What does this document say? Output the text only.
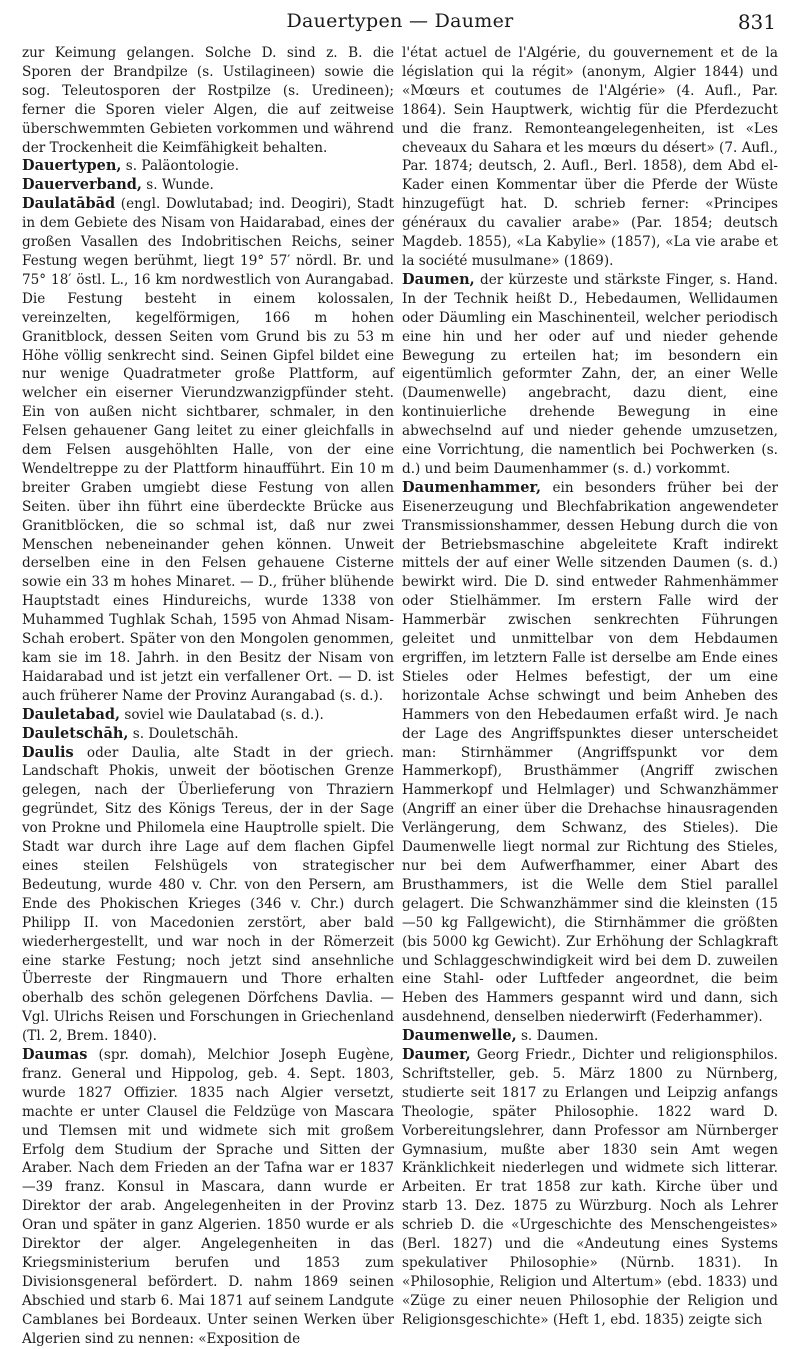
Dauertypen — Daumer	831

zur Keimung gelangen. Solche D. sind z. B. die Sporen der Brandpilze (s. Ustilagineen) sowie die sog. Teleutosporen der Rostpilze (s. Uredineen); ferner die Sporen vieler Algen, die auf zeitweise überschwemmten Gebieten vorkommen und während der Trockenheit die Keimfähigkeit behalten.

Dauertypen, s. Paläontologie.

Dauerverband, s. Wunde.

Daulatābād (engl. Dowlutabad; ind. Deogiri), Stadt in dem Gebiete des Nisam von Haidarabad, eines der großen Vasallen des Indobritischen Reichs, seiner Festung wegen berühmt, liegt 19° 57′ nördl. Br. und 75° 18′ östl. L., 16 km nordwestlich von Aurangabad. Die Festung besteht in einem kolossalen, vereinzelten, kegelförmigen, 166 m hohen Granitblock, dessen Seiten vom Grund bis zu 53 m Höhe völlig senkrecht sind. Seinen Gipfel bildet eine nur wenige Quadratmeter große Plattform, auf welcher ein eiserner Vierundzwanzigpfünder steht. Ein von außen nicht sichtbarer, schmaler, in den Felsen gehauener Gang leitet zu einer gleichfalls in dem Felsen ausgehöhlten Halle, von der eine Wendeltreppe zu der Plattform hinaufführt. Ein 10 m breiter Graben umgiebt diese Festung von allen Seiten. über ihn führt eine überdeckte Brücke aus Granitblöcken, die so schmal ist, daß nur zwei Menschen nebeneinander gehen können. Unweit derselben eine in den Felsen gehauene Cisterne sowie ein 33 m hohes Minaret. — D., früher blühende Hauptstadt eines Hindureichs, wurde 1338 von Muhammed Tughlak Schah, 1595 von Ahmad Nisam-Schah erobert. Später von den Mongolen genommen, kam sie im 18. Jahrh. in den Besitz der Nisam von Haidarabad und ist jetzt ein verfallener Ort. — D. ist auch früherer Name der Provinz Aurangabad (s. d.).

Dauletabad, soviel wie Daulatabad (s. d.).

Dauletschāh, s. Douletschāh.

Daulis oder Daulia, alte Stadt in der griech. Landschaft Phokis, unweit der böotischen Grenze gelegen, nach der Überlieferung von Thraziern gegründet, Sitz des Königs Tereus, der in der Sage von Prokne und Philomela eine Hauptrolle spielt. Die Stadt war durch ihre Lage auf dem flachen Gipfel eines steilen Felshügels von strategischer Bedeutung, wurde 480 v. Chr. von den Persern, am Ende des Phokischen Krieges (346 v. Chr.) durch Philipp II. von Macedonien zerstört, aber bald wiederhergestellt, und war noch in der Römerzeit eine starke Festung; noch jetzt sind ansehnliche Überreste der Ringmauern und Thore erhalten oberhalb des schön gelegenen Dörfchens Davlia. — Vgl. Ulrichs Reisen und Forschungen in Griechenland (Tl. 2, Brem. 1840).

Daumas (spr. domah), Melchior Joseph Eugène, franz. General und Hippolog, geb. 4. Sept. 1803, wurde 1827 Offizier. 1835 nach Algier versetzt, machte er unter Clausel die Feldzüge von Mascara und Tlemsen mit und widmete sich mit großem Erfolg dem Studium der Sprache und Sitten der Araber. Nach dem Frieden an der Tafna war er 1837—39 franz. Konsul in Mascara, dann wurde er Direktor der arab. Angelegenheiten in der Provinz Oran und später in ganz Algerien. 1850 wurde er als Direktor der alger. Angelegenheiten in das Kriegsministerium berufen und 1853 zum Divisionsgeneral befördert. D. nahm 1869 seinen Abschied und starb 6. Mai 1871 auf seinem Landgute Camblanes bei Bordeaux. Unter seinen Werken über Algerien sind zu nennen: «Exposition de

l'état actuel de l'Algérie, du gouvernement et de la législation qui la régit» (anonym, Algier 1844) und «Mœurs et coutumes de l'Algérie» (4. Aufl., Par. 1864). Sein Hauptwerk, wichtig für die Pferdezucht und die franz. Remonteangelegenheiten, ist «Les cheveaux du Sahara et les mœurs du désert» (7. Aufl., Par. 1874; deutsch, 2. Aufl., Berl. 1858), dem Abd el-Kader einen Kommentar über die Pferde der Wüste hinzugefügt hat. D. schrieb ferner: «Principes généraux du cavalier arabe» (Par. 1854; deutsch Magdeb. 1855), «La Kabylie» (1857), «La vie arabe et la société musulmane» (1869).

Daumen, der kürzeste und stärkste Finger, s. Hand. In der Technik heißt D., Hebedaumen, Wellidaumen oder Däumling ein Maschinenteil, welcher periodisch eine hin und her oder auf und nieder gehende Bewegung zu erteilen hat; im besondern ein eigentümlich geformter Zahn, der, an einer Welle (Daumenwelle) angebracht, dazu dient, eine kontinuierliche drehende Bewegung in eine abwechselnd auf und nieder gehende umzusetzen, eine Vorrichtung, die namentlich bei Pochwerken (s. d.) und beim Daumenhammer (s. d.) vorkommt.

Daumenhammer, ein besonders früher bei der Eisenerzeugung und Blechfabrikation angewendeter Transmissionshammer, dessen Hebung durch die von der Betriebsmaschine abgeleitete Kraft indirekt mittels der auf einer Welle sitzenden Daumen (s. d.) bewirkt wird. Die D. sind entweder Rahmenhämmer oder Stielhämmer. Im erstern Falle wird der Hammerbär zwischen senkrechten Führungen geleitet und unmittelbar von dem Hebdaumen ergriffen, im letztern Falle ist derselbe am Ende eines Stieles oder Helmes befestigt, der um eine horizontale Achse schwingt und beim Anheben des Hammers von den Hebedaumen erfaßt wird. Je nach der Lage des Angriffspunktes dieser unterscheidet man: Stirnhämmer (Angriffspunkt vor dem Hammerkopf), Brusthämmer (Angriff zwischen Hammerkopf und Helmlager) und Schwanzhämmer (Angriff an einer über die Drehachse hinausragenden Verlängerung, dem Schwanz, des Stieles). Die Daumenwelle liegt normal zur Richtung des Stieles, nur bei dem Aufwerfhammer, einer Abart des Brusthammers, ist die Welle dem Stiel parallel gelagert. Die Schwanzhämmer sind die kleinsten (15—50 kg Fallgewicht), die Stirnhämmer die größten (bis 5000 kg Gewicht). Zur Erhöhung der Schlagkraft und Schlaggeschwindigkeit wird bei dem D. zuweilen eine Stahl- oder Luftfeder angeordnet, die beim Heben des Hammers gespannt wird und dann, sich ausdehnend, denselben niederwirft (Federhammer).

Daumenwelle, s. Daumen.

Daumer, Georg Friedr., Dichter und religionsphilos. Schriftsteller, geb. 5. März 1800 zu Nürnberg, studierte seit 1817 zu Erlangen und Leipzig anfangs Theologie, später Philosophie. 1822 ward D. Vorbereitungslehrer, dann Professor am Nürnberger Gymnasium, mußte aber 1830 sein Amt wegen Kränklichkeit niederlegen und widmete sich litterar. Arbeiten. Er trat 1858 zur kath. Kirche über und starb 13. Dez. 1875 zu Würzburg. Noch als Lehrer schrieb D. die «Urgeschichte des Menschengeistes» (Berl. 1827) und die «Andeutung eines Systems spekulativer Philosophie» (Nürnb. 1831). In «Philosophie, Religion und Altertum» (ebd. 1833) und «Züge zu einer neuen Philosophie der Religion und Religionsgeschichte» (Heft 1, ebd. 1835) zeigte sich
